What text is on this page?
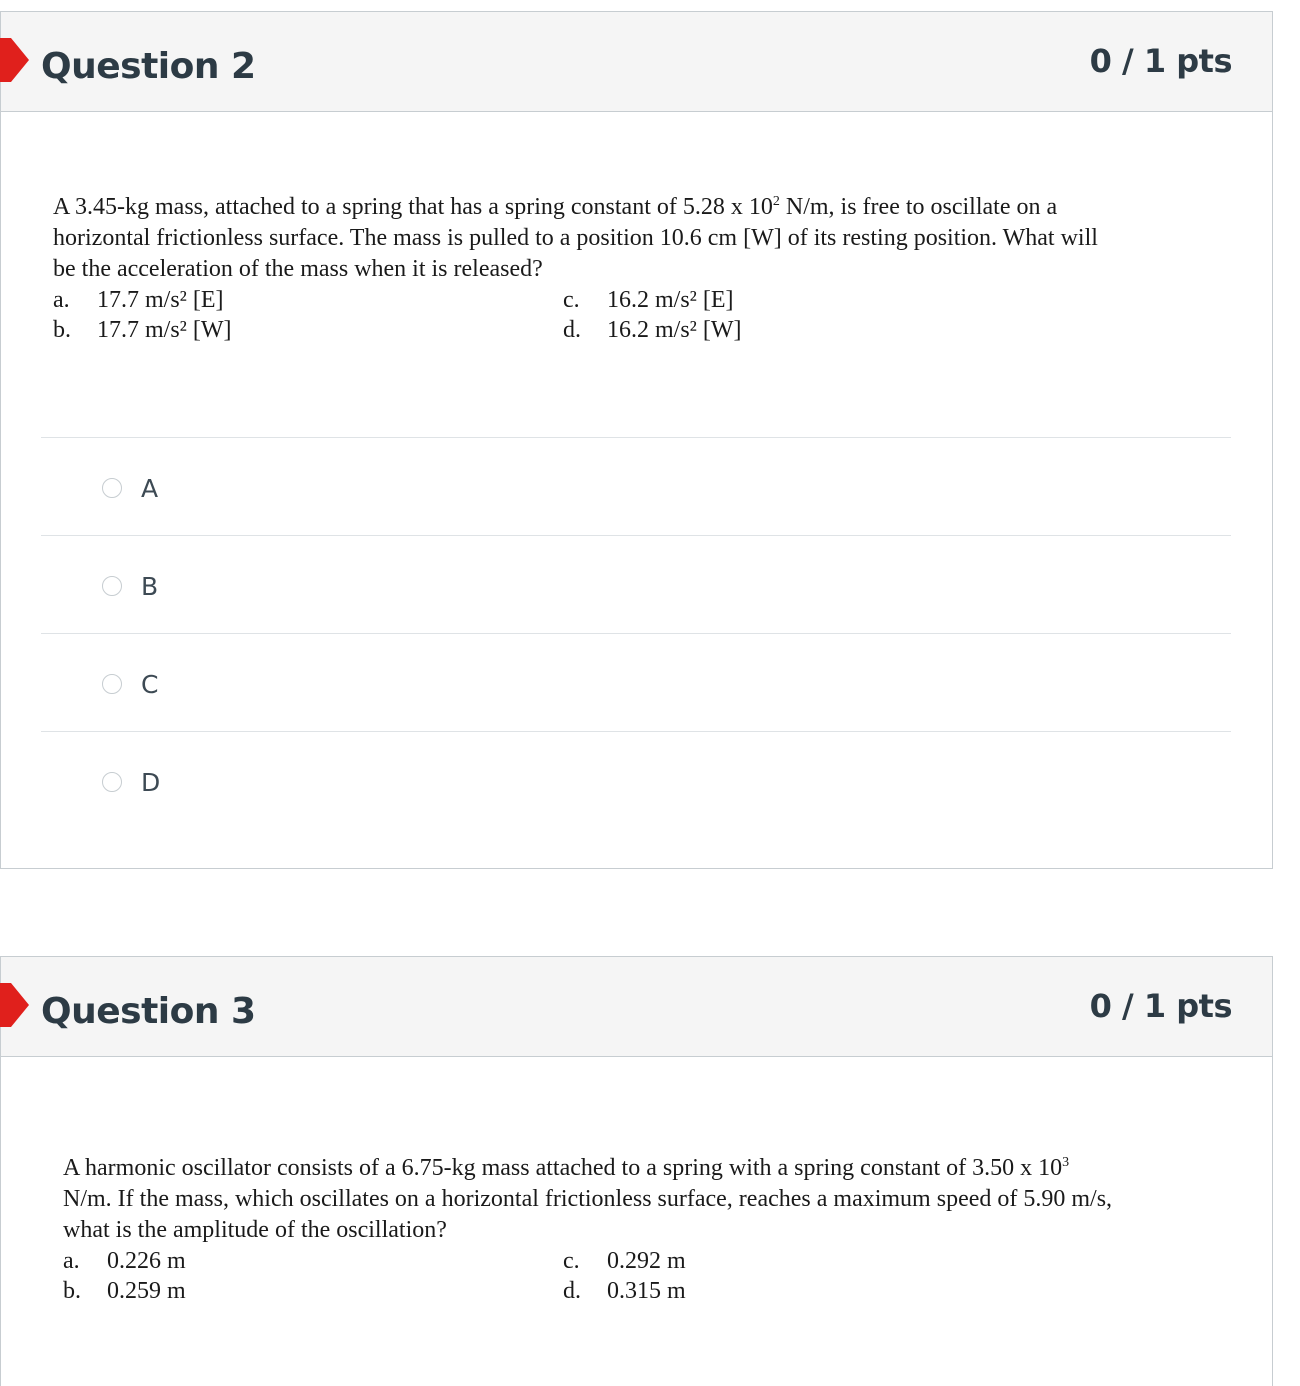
Question 2	0 / 1 pts

A 3.45-kg mass, attached to a spring that has a spring constant of 5.28 x $10^2$ N/m, is free to oscillate on a

horizontal frictionless surface. The mass is pulled to a position 10.6 cm [W] of its resting position. What will

be the acceleration of the mass when it is released?

a. 17.7 m/s² [E]
b. 17.7 m/s² [W]
c. 16.2 m/s² [E]
d. 16.2 m/s² [W]
A
B
C
D
Question 3	0 / 1 pts

A harmonic oscillator consists of a 6.75-kg mass attached to a spring with a spring constant of 3.50 x $10^3$

N/m. If the mass, which oscillates on a horizontal frictionless surface, reaches a maximum speed of 5.90 m/s,

what is the amplitude of the oscillation?

a. 0.226 m
b. 0.259 m
c. 0.292 m
d. 0.315 m
